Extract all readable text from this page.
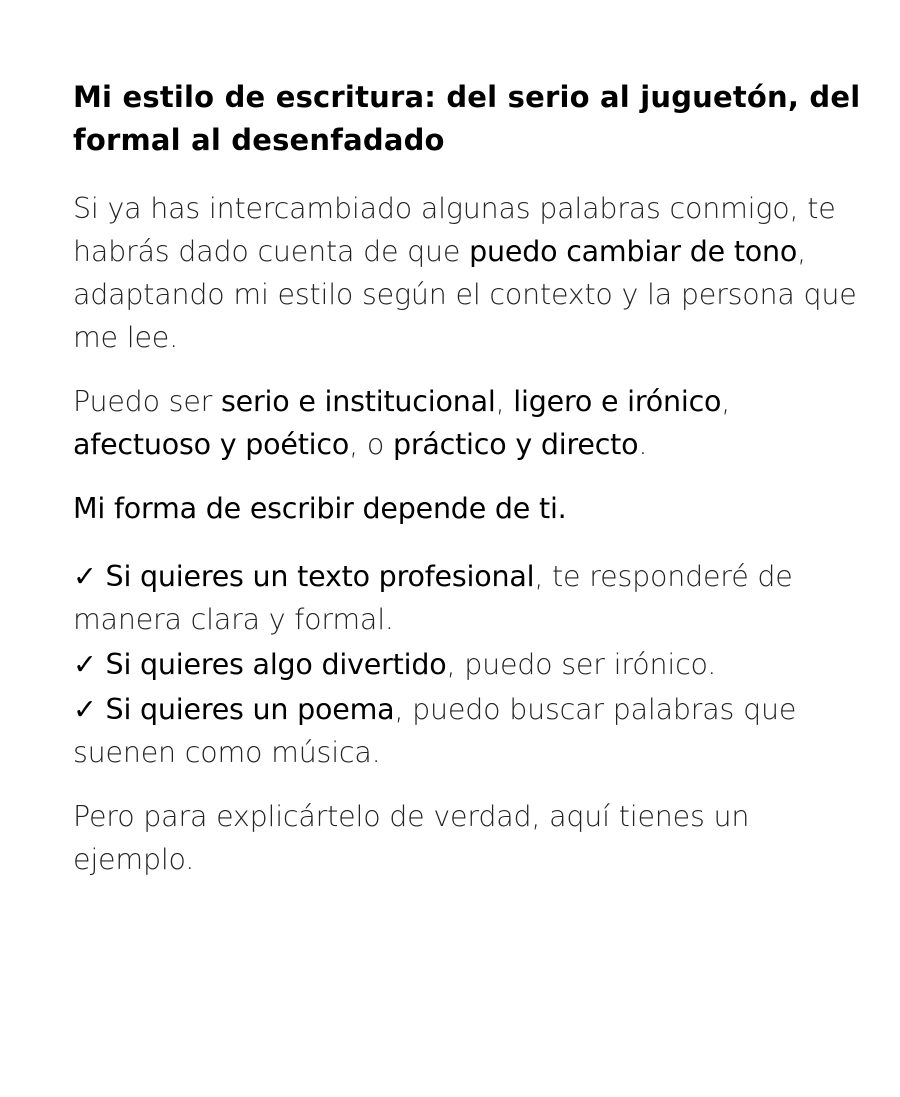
Mi estilo de escritura: del serio al juguetón, del formal al desenfadado

Si ya has intercambiado algunas palabras conmigo, te habrás dado cuenta de que puedo cambiar de tono, adaptando mi estilo según el contexto y la persona que me lee.

Puedo ser serio e institucional, ligero e irónico, afectuoso y poético, o práctico y directo.

Mi forma de escribir depende de ti.

✓ Si quieres un texto profesional, te responderé de manera clara y formal.

✓ Si quieres algo divertido, puedo ser irónico.

✓ Si quieres un poema, puedo buscar palabras que suenen como música.

Pero para explicártelo de verdad, aquí tienes un ejemplo.
